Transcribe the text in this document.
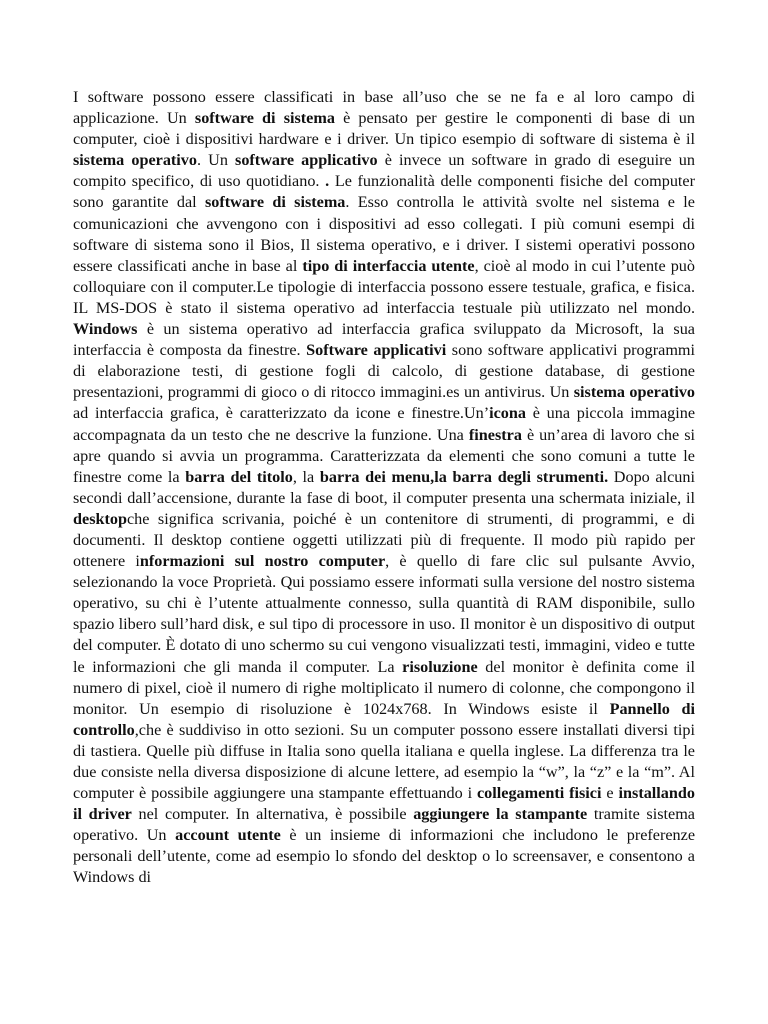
I software possono essere classificati in base all’uso che se ne fa e al loro campo di applicazione. Un software di sistema è pensato per gestire le componenti di base di un computer, cioè i dispositivi hardware e i driver. Un tipico esempio di software di sistema è il sistema operativo. Un software applicativo è invece un software in grado di eseguire un compito specifico, di uso quotidiano. . Le funzionalità delle componenti fisiche del computer sono garantite dal software di sistema. Esso controlla le attività svolte nel sistema e le comunicazioni che avvengono con i dispositivi ad esso collegati. I più comuni esempi di software di sistema sono il Bios, Il sistema operativo, e i driver. I sistemi operativi possono essere classificati anche in base al tipo di interfaccia utente, cioè al modo in cui l’utente può colloquiare con il computer.Le tipologie di interfaccia possono essere testuale, grafica, e fisica. IL MS-DOS è stato il sistema operativo ad interfaccia testuale più utilizzato nel mondo. Windows è un sistema operativo ad interfaccia grafica sviluppato da Microsoft, la sua interfaccia è composta da finestre. Software applicativi sono software applicativi programmi di elaborazione testi, di gestione fogli di calcolo, di gestione database, di gestione presentazioni, programmi di gioco o di ritocco immagini.es un antivirus. Un sistema operativo ad interfaccia grafica, è caratterizzato da icone e finestre.Un’icona è una piccola immagine accompagnata da un testo che ne descrive la funzione. Una finestra è un’area di lavoro che si apre quando si avvia un programma. Caratterizzata da elementi che sono comuni a tutte le finestre come la barra del titolo, la barra dei menu,la barra degli strumenti. Dopo alcuni secondi dall’accensione, durante la fase di boot, il computer presenta una schermata iniziale, il desktopche significa scrivania, poiché è un contenitore di strumenti, di programmi, e di documenti. Il desktop contiene oggetti utilizzati più di frequente. Il modo più rapido per ottenere informazioni sul nostro computer, è quello di fare clic sul pulsante Avvio, selezionando la voce Proprietà. Qui possiamo essere informati sulla versione del nostro sistema operativo, su chi è l’utente attualmente connesso, sulla quantità di RAM disponibile, sullo spazio libero sull’hard disk, e sul tipo di processore in uso. Il monitor è un dispositivo di output del computer. È dotato di uno schermo su cui vengono visualizzati testi, immagini, video e tutte le informazioni che gli manda il computer. La risoluzione del monitor è definita come il numero di pixel, cioè il numero di righe moltiplicato il numero di colonne, che compongono il monitor. Un esempio di risoluzione è 1024x768. In Windows esiste il Pannello di controllo,che è suddiviso in otto sezioni. Su un computer possono essere installati diversi tipi di tastiera. Quelle più diffuse in Italia sono quella italiana e quella inglese. La differenza tra le due consiste nella diversa disposizione di alcune lettere, ad esempio la “w”, la “z” e la “m”. Al computer è possibile aggiungere una stampante effettuando i collegamenti fisici e installando il driver nel computer. In alternativa, è possibile aggiungere la stampante tramite sistema operativo. Un account utente è un insieme di informazioni che includono le preferenze personali dell’utente, come ad esempio lo sfondo del desktop o lo screensaver, e consentono a Windows di
